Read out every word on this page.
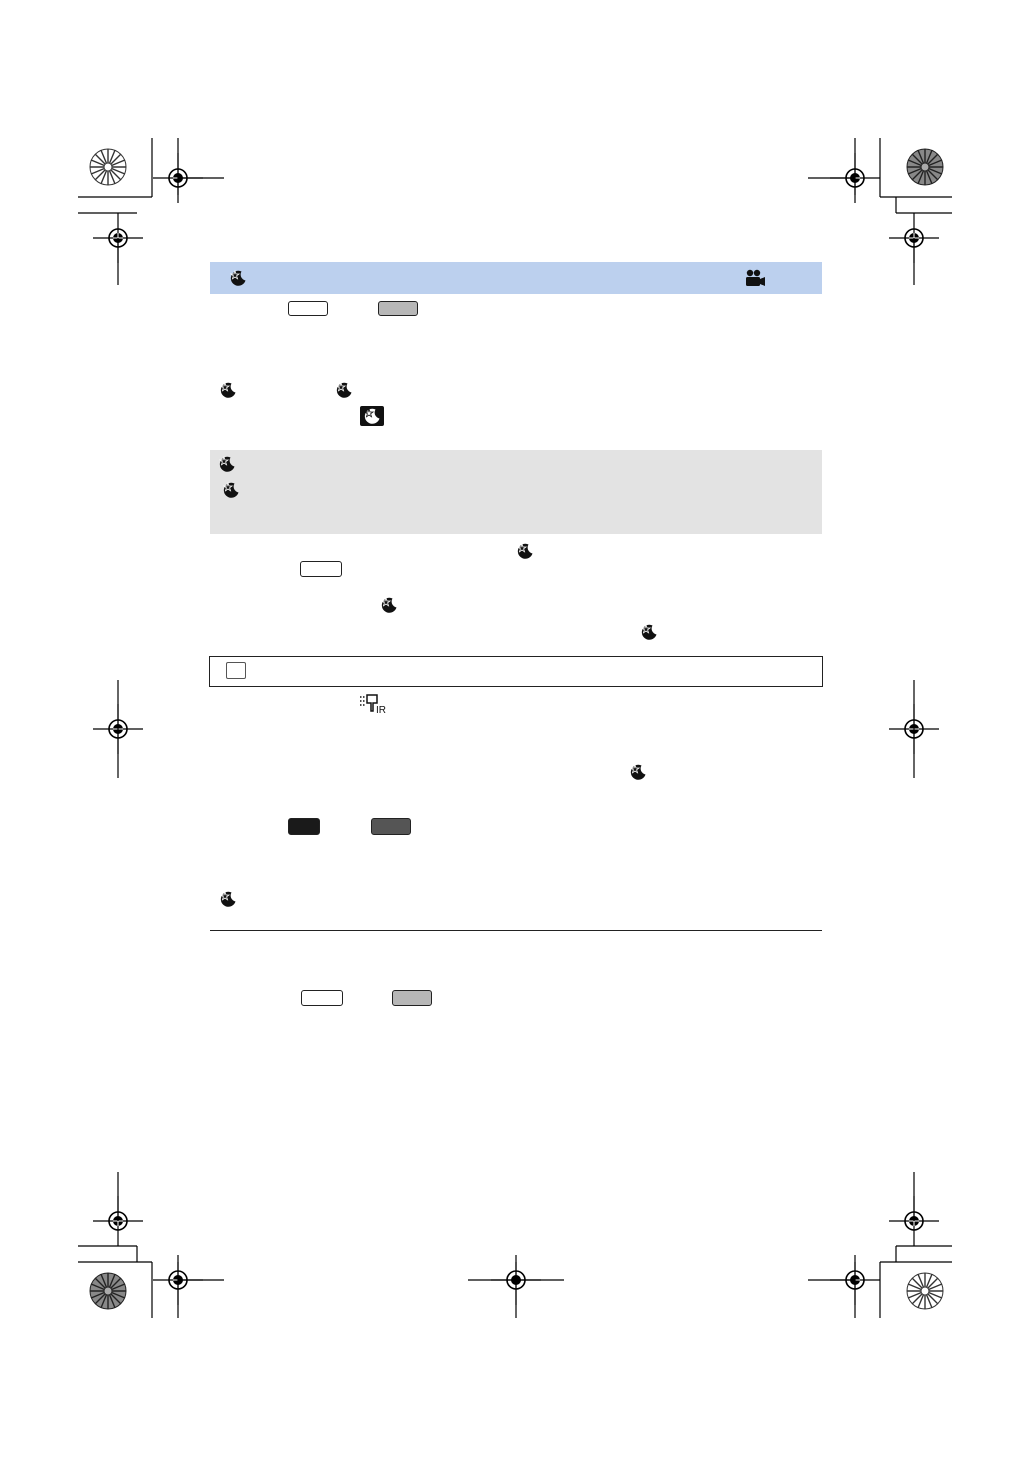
IR
